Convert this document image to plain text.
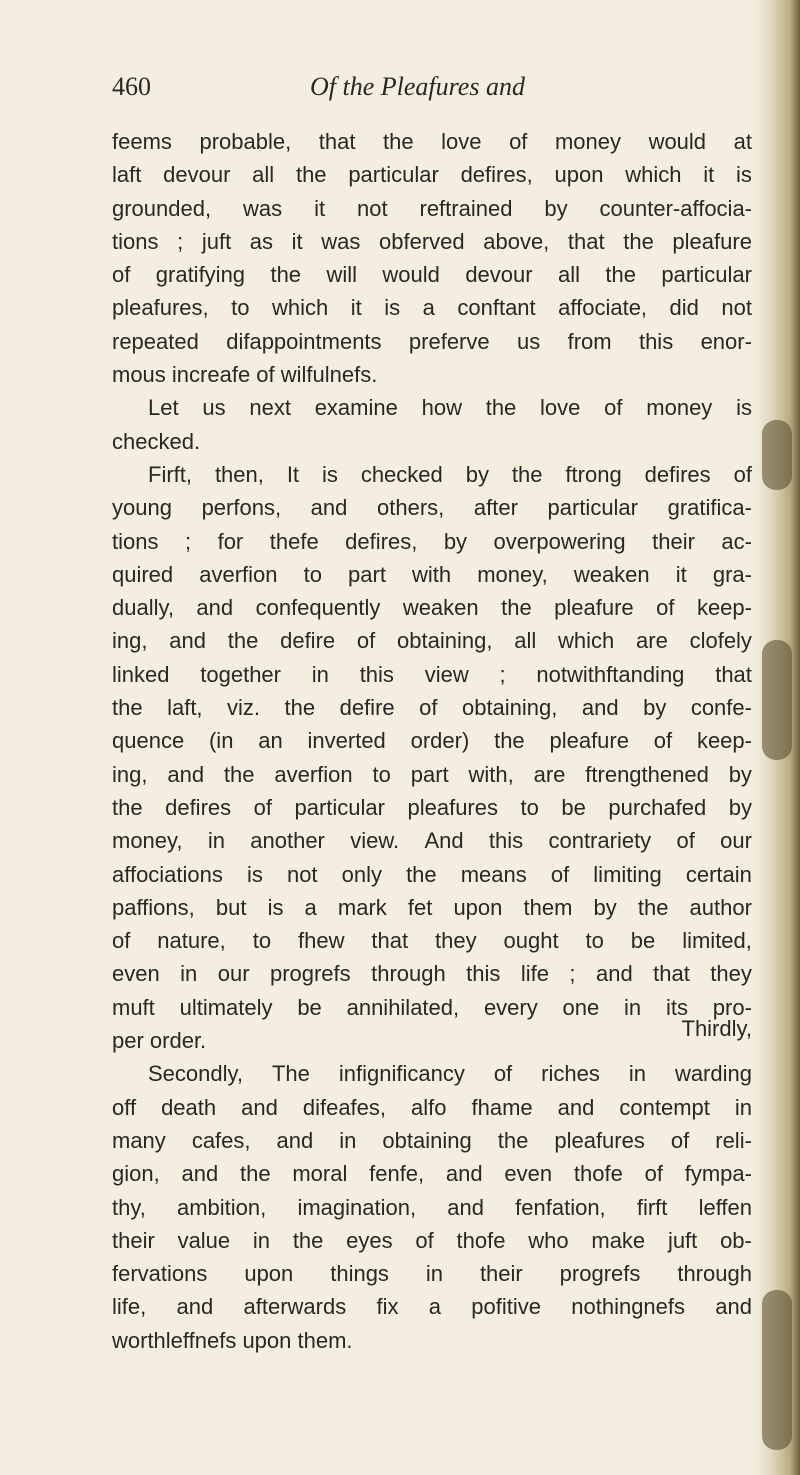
460	Of the Pleafures and
feems probable, that the love of money would at
laft devour all the particular defires, upon which it is
grounded, was it not reftrained by counter-affocia-
tions ; juft as it was obferved above, that the pleafure
of gratifying the will would devour all the particular
pleafures, to which it is a conftant affociate, did not
repeated difappointments preferve us from this enor-
mous increafe of wilfulnefs.
Let us next examine how the love of money is
checked.
Firft, then, It is checked by the ftrong defires of
young perfons, and others, after particular gratifica-
tions ; for thefe defires, by overpowering their ac-
quired averfion to part with money, weaken it gra-
dually, and confequently weaken the pleafure of keep-
ing, and the defire of obtaining, all which are clofely
linked together in this view ; notwithftanding that
the laft, viz. the defire of obtaining, and by confe-
quence (in an inverted order) the pleafure of keep-
ing, and the averfion to part with, are ftrengthened by
the defires of particular pleafures to be purchafed by
money, in another view. And this contrariety of our
affociations is not only the means of limiting certain
paffions, but is a mark fet upon them by the author
of nature, to fhew that they ought to be limited,
even in our progrefs through this life ; and that they
muft ultimately be annihilated, every one in its pro-
per order.
Secondly, The infignificancy of riches in warding
off death and difeafes, alfo fhame and contempt in
many cafes, and in obtaining the pleafures of reli-
gion, and the moral fenfe, and even thofe of fympa-
thy, ambition, imagination, and fenfation, firft leffen
their value in the eyes of thofe who make juft ob-
fervations upon things in their progrefs through
life, and afterwards fix a pofitive nothingnefs and
worthleffnefs upon them.
Thirdly,
